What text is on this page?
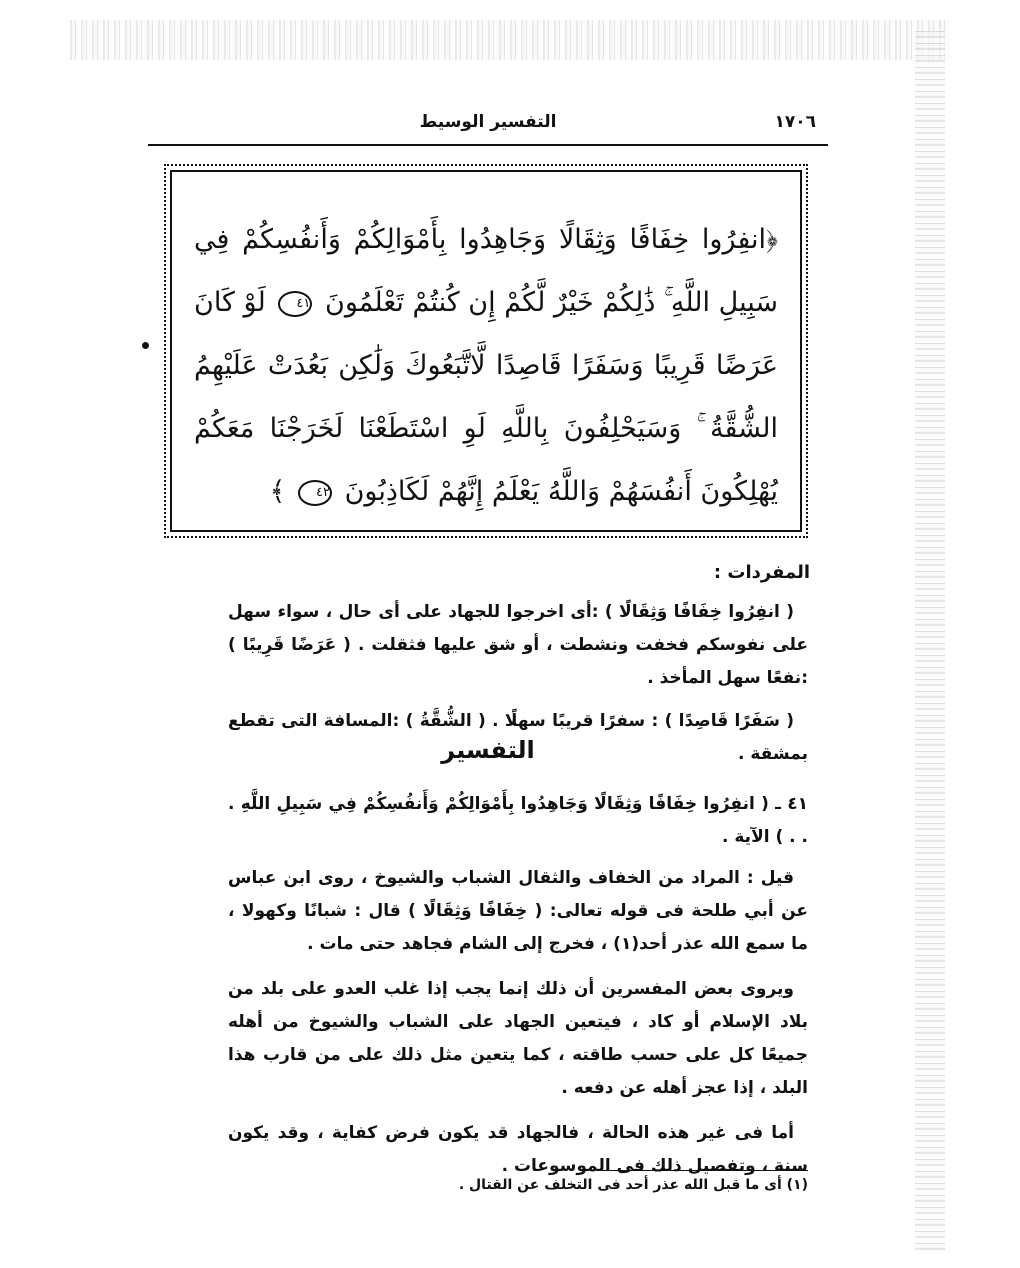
التفسير الوسيط	١٧٠٦
﴿انفِرُوا خِفَافًا وَثِقَالًا وَجَاهِدُوا بِأَمْوَالِكُمْ وَأَنفُسِكُمْ فِي سَبِيلِ اللَّهِ ۚ ذَٰلِكُمْ خَيْرٌ لَّكُمْ إِن كُنتُمْ تَعْلَمُونَ ٤١ لَوْ كَانَ عَرَضًا قَرِيبًا وَسَفَرًا قَاصِدًا لَّاتَّبَعُوكَ وَلَٰكِن بَعُدَتْ عَلَيْهِمُ الشُّقَّةُ ۚ وَسَيَحْلِفُونَ بِاللَّهِ لَوِ اسْتَطَعْنَا لَخَرَجْنَا مَعَكُمْ يُهْلِكُونَ أَنفُسَهُمْ وَاللَّهُ يَعْلَمُ إِنَّهُمْ لَكَاذِبُونَ ٤٢ ﴾
المفردات :

( انفِرُوا خِفَافًا وَثِقَالًا ) :أى اخرجوا للجهاد على أى حال ، سواء سهل على نفوسكم فخفت ونشطت ، أو شق عليها فثقلت . ( عَرَضًا قَرِيبًا ) :نفعًا سهل المأخذ .

( سَفَرًا قَاصِدًا ) : سفرًا قريبًا سهلًا . ( الشُّقَّةُ ) :المسافة التى تقطع بمشقة .

التفسير

٤١ ـ ( انفِرُوا خِفَافًا وَثِقَالًا وَجَاهِدُوا بِأَمْوَالِكُمْ وَأَنفُسِكُمْ فِي سَبِيلِ اللَّهِ . . . ) الآية .

قيل : المراد من الخفاف والثقال الشباب والشيوخ ، روى ابن عباس عن أبي طلحة فى قوله تعالى: ( خِفَافًا وَثِقَالًا ) قال : شبانًا وكهولا ، ما سمع الله عذر أحد(١) ، فخرج إلى الشام فجاهد حتى مات .

ويروى بعض المفسرين أن ذلك إنما يجب إذا غلب العدو على بلد من بلاد الإسلام أو كاد ، فيتعين الجهاد على الشباب والشيوخ من أهله جميعًا كل على حسب طاقته ، كما يتعين مثل ذلك على من قارب هذا البلد ، إذا عجز أهله عن دفعه .

أما فى غير هذه الحالة ، فالجهاد قد يكون فرض كفاية ، وقد يكون سنة ، وتفصيل ذلك فى الموسوعات .

(١) أى ما قبل الله عذر أحد فى التخلف عن القتال .
